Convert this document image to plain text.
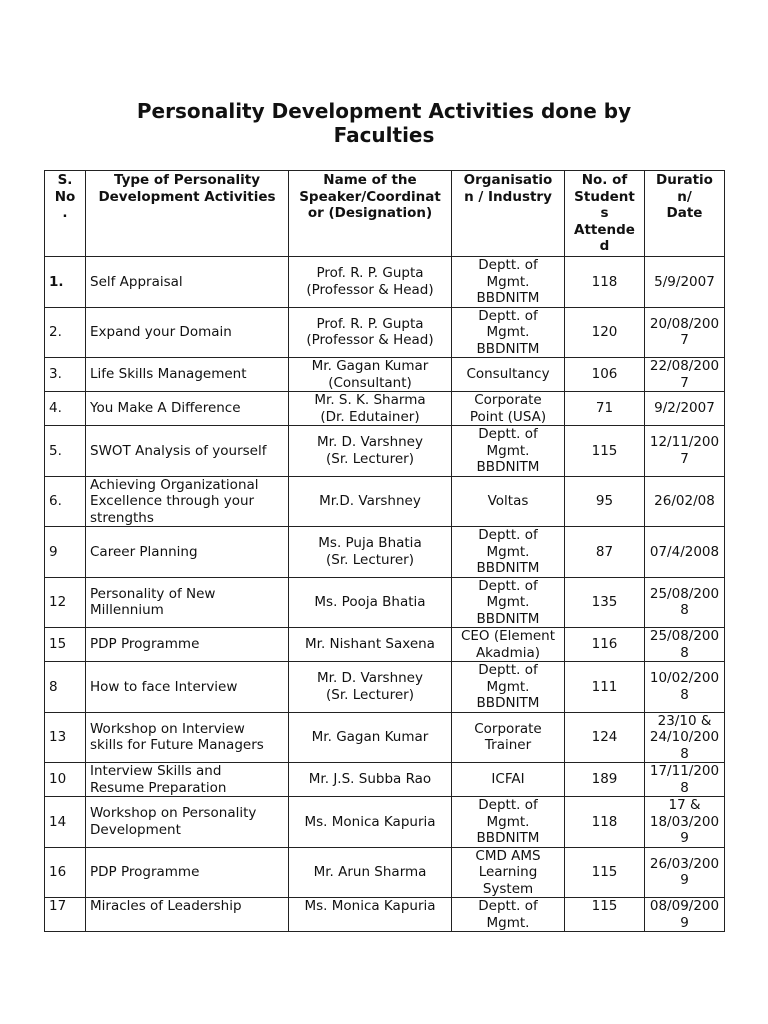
Personality Development Activities done by
Faculties
S.
No
.	Type of Personality
Development Activities	Name of the
Speaker/Coordinat
or (Designation)	Organisatio
n / Industry	No. of
Student
s
Attende
d	Duration/
Date

1.	Self Appraisal	Prof. R. P. Gupta
(Professor & Head)	Deptt. of
Mgmt.
BBDNITM	118	5/9/2007

2.	Expand your Domain	Prof. R. P. Gupta
(Professor & Head)	Deptt. of
Mgmt.
BBDNITM	120	20/08/200
7

3.	Life Skills Management	Mr. Gagan Kumar
(Consultant)	Consultancy	106	22/08/200
7

4.	You Make A Difference	Mr. S. K. Sharma
(Dr. Edutainer)	Corporate
Point (USA)	71	9/2/2007

5.	SWOT Analysis of yourself	Mr. D. Varshney
(Sr. Lecturer)	Deptt. of
Mgmt.
BBDNITM	115	12/11/200
7

6.	Achieving Organizational
Excellence through your
strengths	Mr.D. Varshney	Voltas	95	26/02/08

9	Career Planning	Ms. Puja Bhatia
(Sr. Lecturer)	Deptt. of
Mgmt.
BBDNITM	87	07/4/2008

12	Personality of New
Millennium	Ms. Pooja Bhatia	Deptt. of
Mgmt.
BBDNITM	135	25/08/200
8

15	PDP Programme	Mr. Nishant Saxena	CEO (Element
Akadmia)	116	25/08/200
8

8	How to face Interview	Mr. D. Varshney
(Sr. Lecturer)	Deptt. of
Mgmt.
BBDNITM	111	10/02/200
8

13	Workshop on Interview
skills for Future Managers	Mr. Gagan Kumar	Corporate
Trainer	124	23/10 &
24/10/200
8

10	Interview Skills and
Resume Preparation	Mr. J.S. Subba Rao	ICFAI	189	17/11/200
8

14	Workshop on Personality
Development	Ms. Monica Kapuria	Deptt. of
Mgmt.
BBDNITM	118	17 &
18/03/200
9

16	PDP Programme	Mr. Arun Sharma	CMD AMS
Learning
System	115	26/03/200
9

17	Miracles of Leadership	Ms. Monica Kapuria	Deptt. of
Mgmt.	115	08/09/200
9
